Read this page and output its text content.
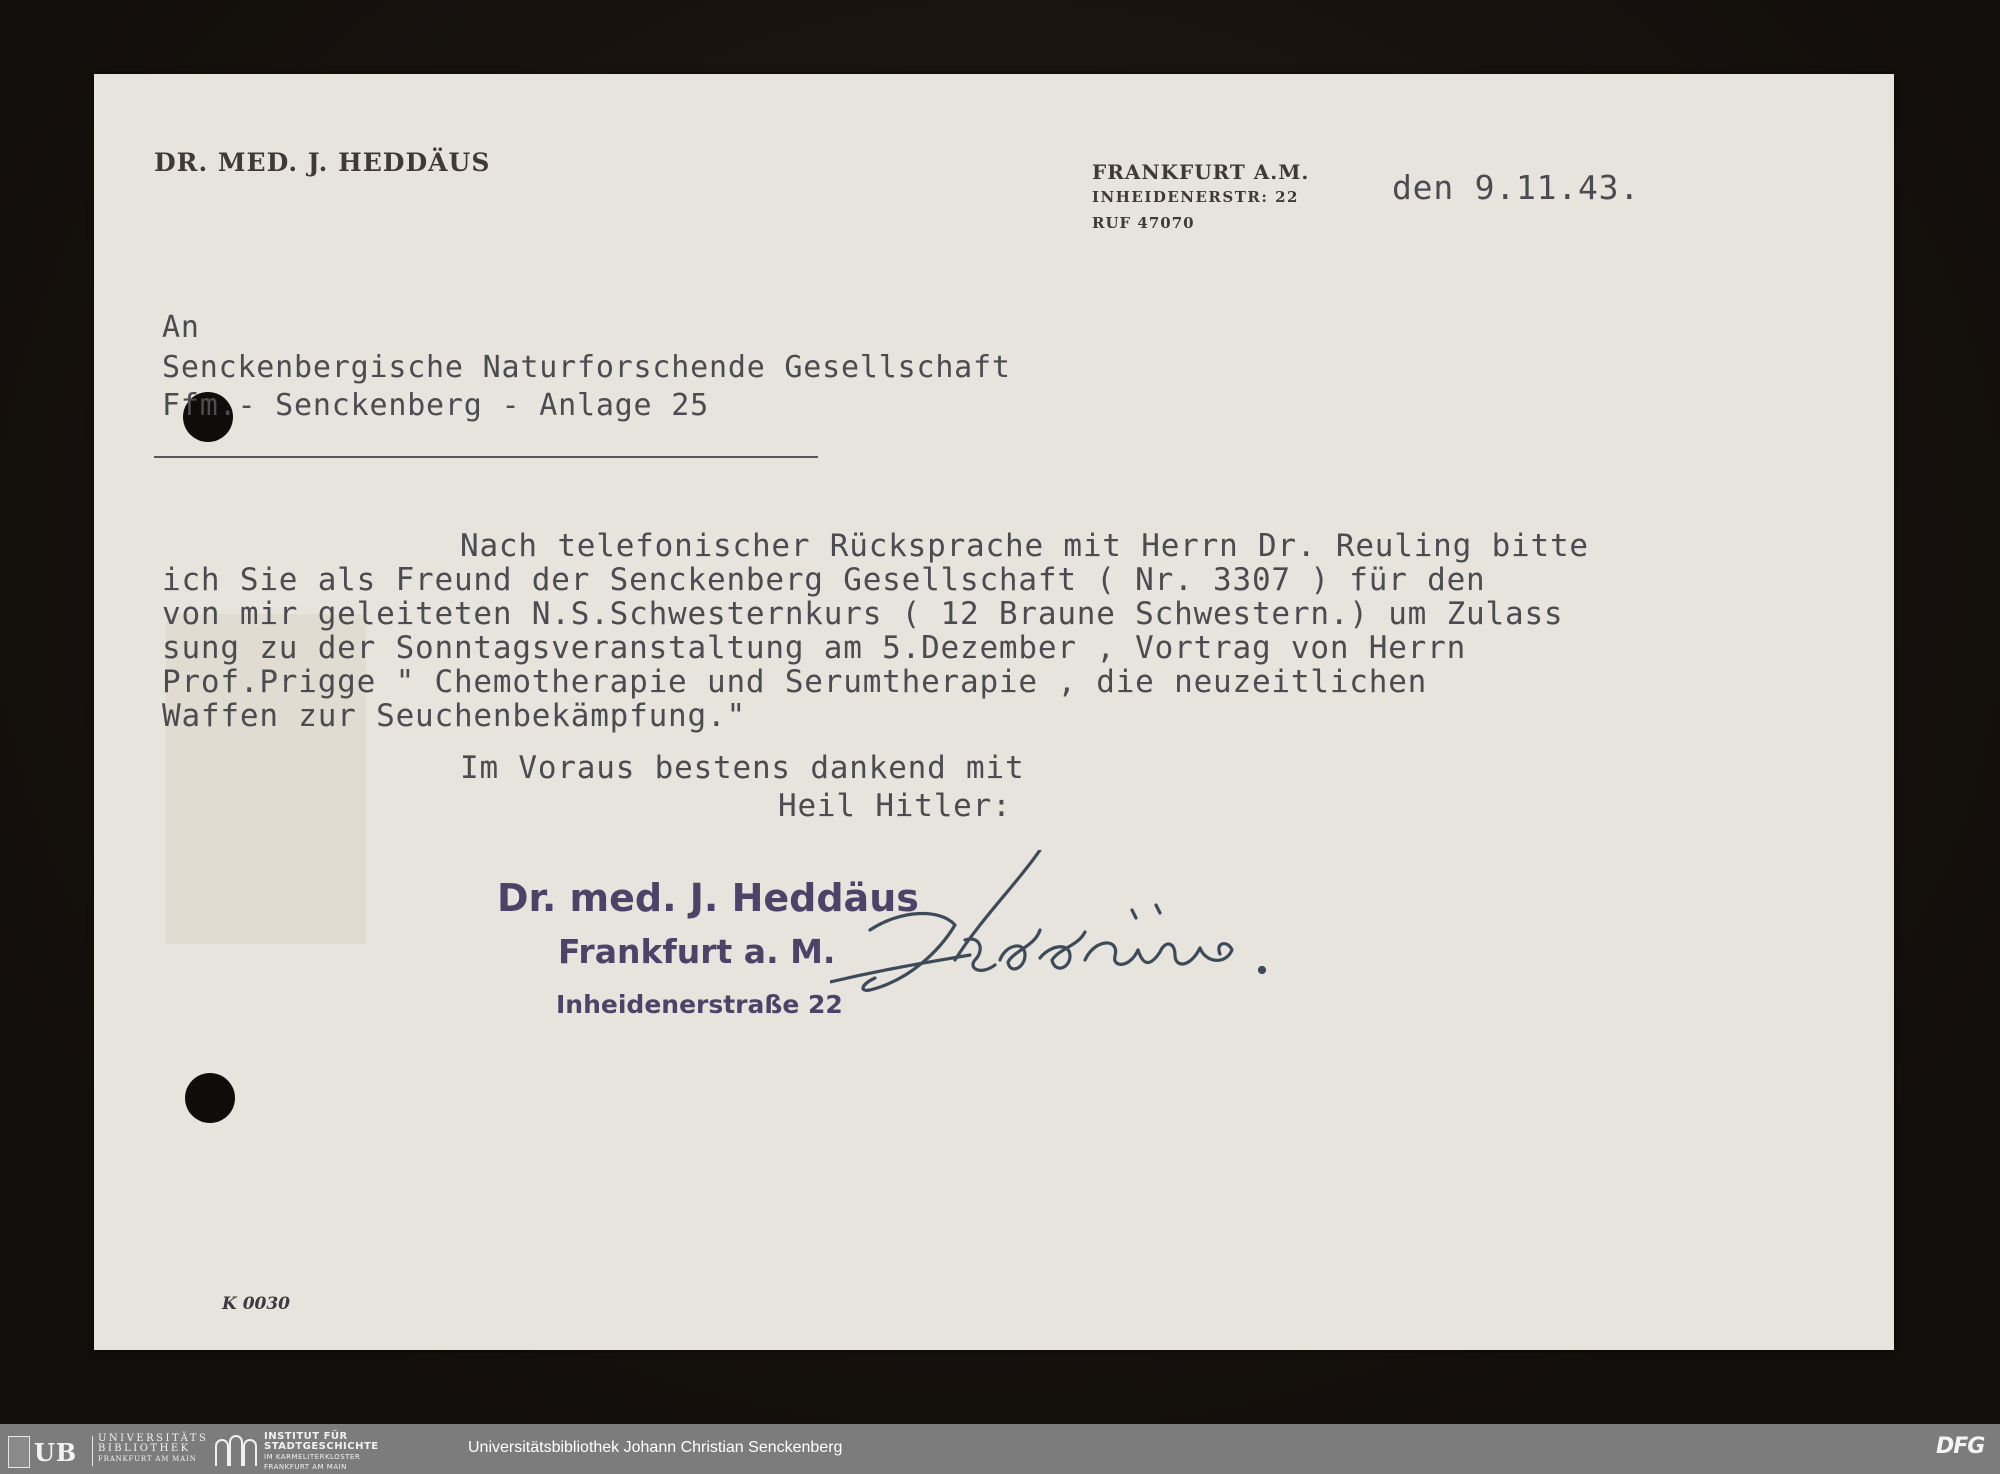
DR. MED. J. HEDDÄUS	FRANKFURT A.M.
INHEIDENERSTR: 22
RUF 47070
den 9.11.43.
An
Senckenbergische Naturforschende Gesellschaft
Ffm.- Senckenberg - Anlage 25
Nach telefonischer Rücksprache mit Herrn Dr. Reuling bitte
ich Sie als Freund der Senckenberg Gesellschaft ( Nr. 3307 ) für den
von mir geleiteten N.S.Schwesternkurs ( 12 Braune Schwestern.) um Zulass
sung zu der Sonntagsveranstaltung am 5.Dezember , Vortrag von Herrn
Prof.Prigge " Chemotherapie und Serumtherapie , die neuzeitlichen
Waffen zur Seuchenbekämpfung."
Im Voraus bestens dankend mit
Heil Hitler:
Dr. med. J. Heddäus
Frankfurt a. M.
Inheidenerstraße 22
K 0030
UB UNIVERSITÄTS
BIBLIOTHEK
FRANKFURT AM MAIN
INSTITUT FÜR
STADTGESCHICHTE
IM KARMELITERKLOSTER
FRANKFURT AM MAIN
Universitätsbibliothek Johann Christian Senckenberg	DFG
